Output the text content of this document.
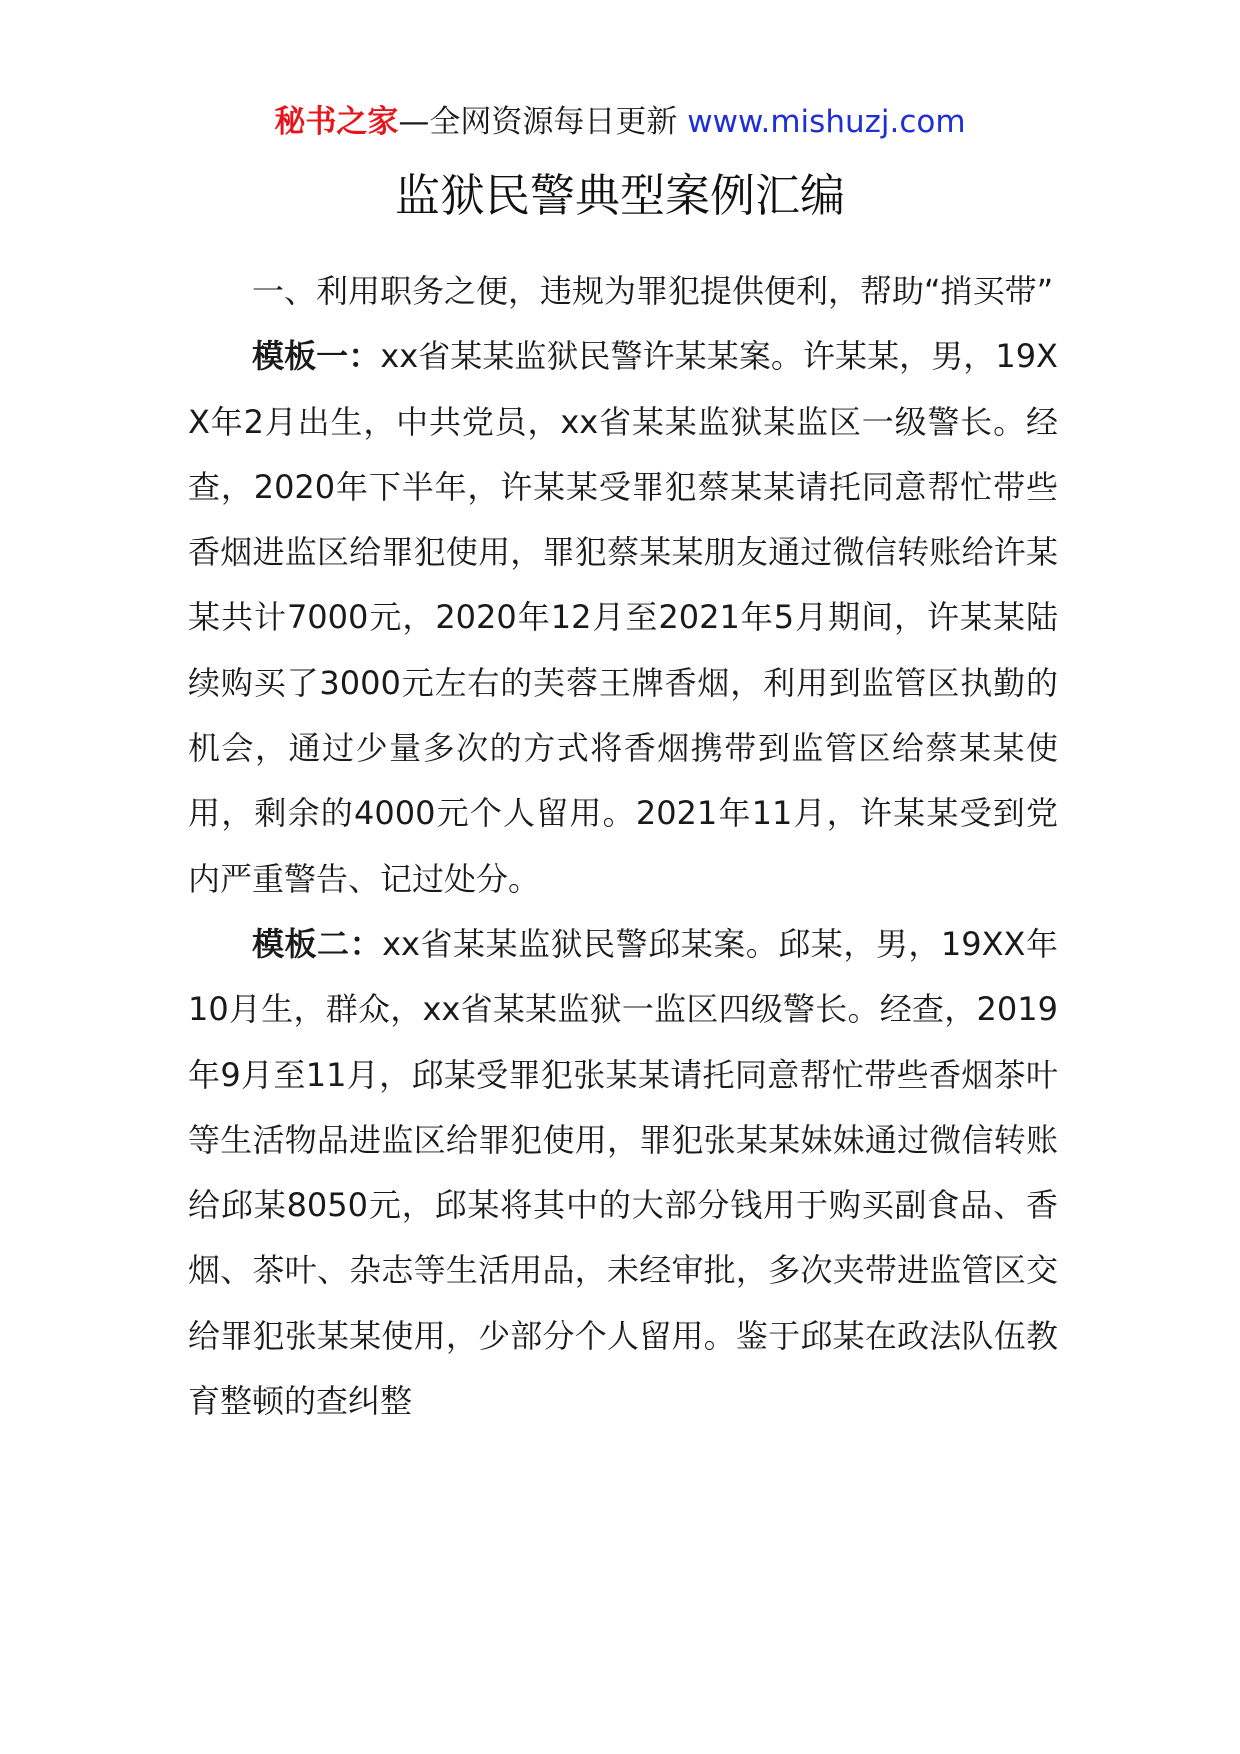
秘书之家—全网资源每日更新 www.mishuzj.com
监狱民警典型案例汇编

一、利用职务之便，违规为罪犯提供便利，帮助“捎买带”

模板一：xx省某某监狱民警许某某案。许某某，男，19XX年2月出生，中共党员，xx省某某监狱某监区一级警长。经查，2020年下半年，许某某受罪犯蔡某某请托同意帮忙带些香烟进监区给罪犯使用，罪犯蔡某某朋友通过微信转账给许某某共计7000元，2020年12月至2021年5月期间，许某某陆续购买了3000元左右的芙蓉王牌香烟，利用到监管区执勤的机会，通过少量多次的方式将香烟携带到监管区给蔡某某使用，剩余的4000元个人留用。2021年11月，许某某受到党内严重警告、记过处分。

模板二：xx省某某监狱民警邱某案。邱某，男，19XX年10月生，群众，xx省某某监狱一监区四级警长。经查，2019年9月至11月，邱某受罪犯张某某请托同意帮忙带些香烟茶叶等生活物品进监区给罪犯使用，罪犯张某某妹妹通过微信转账给邱某8050元，邱某将其中的大部分钱用于购买副食品、香烟、茶叶、杂志等生活用品，未经审批，多次夹带进监管区交给罪犯张某某使用，少部分个人留用。鉴于邱某在政法队伍教育整顿的查纠整
